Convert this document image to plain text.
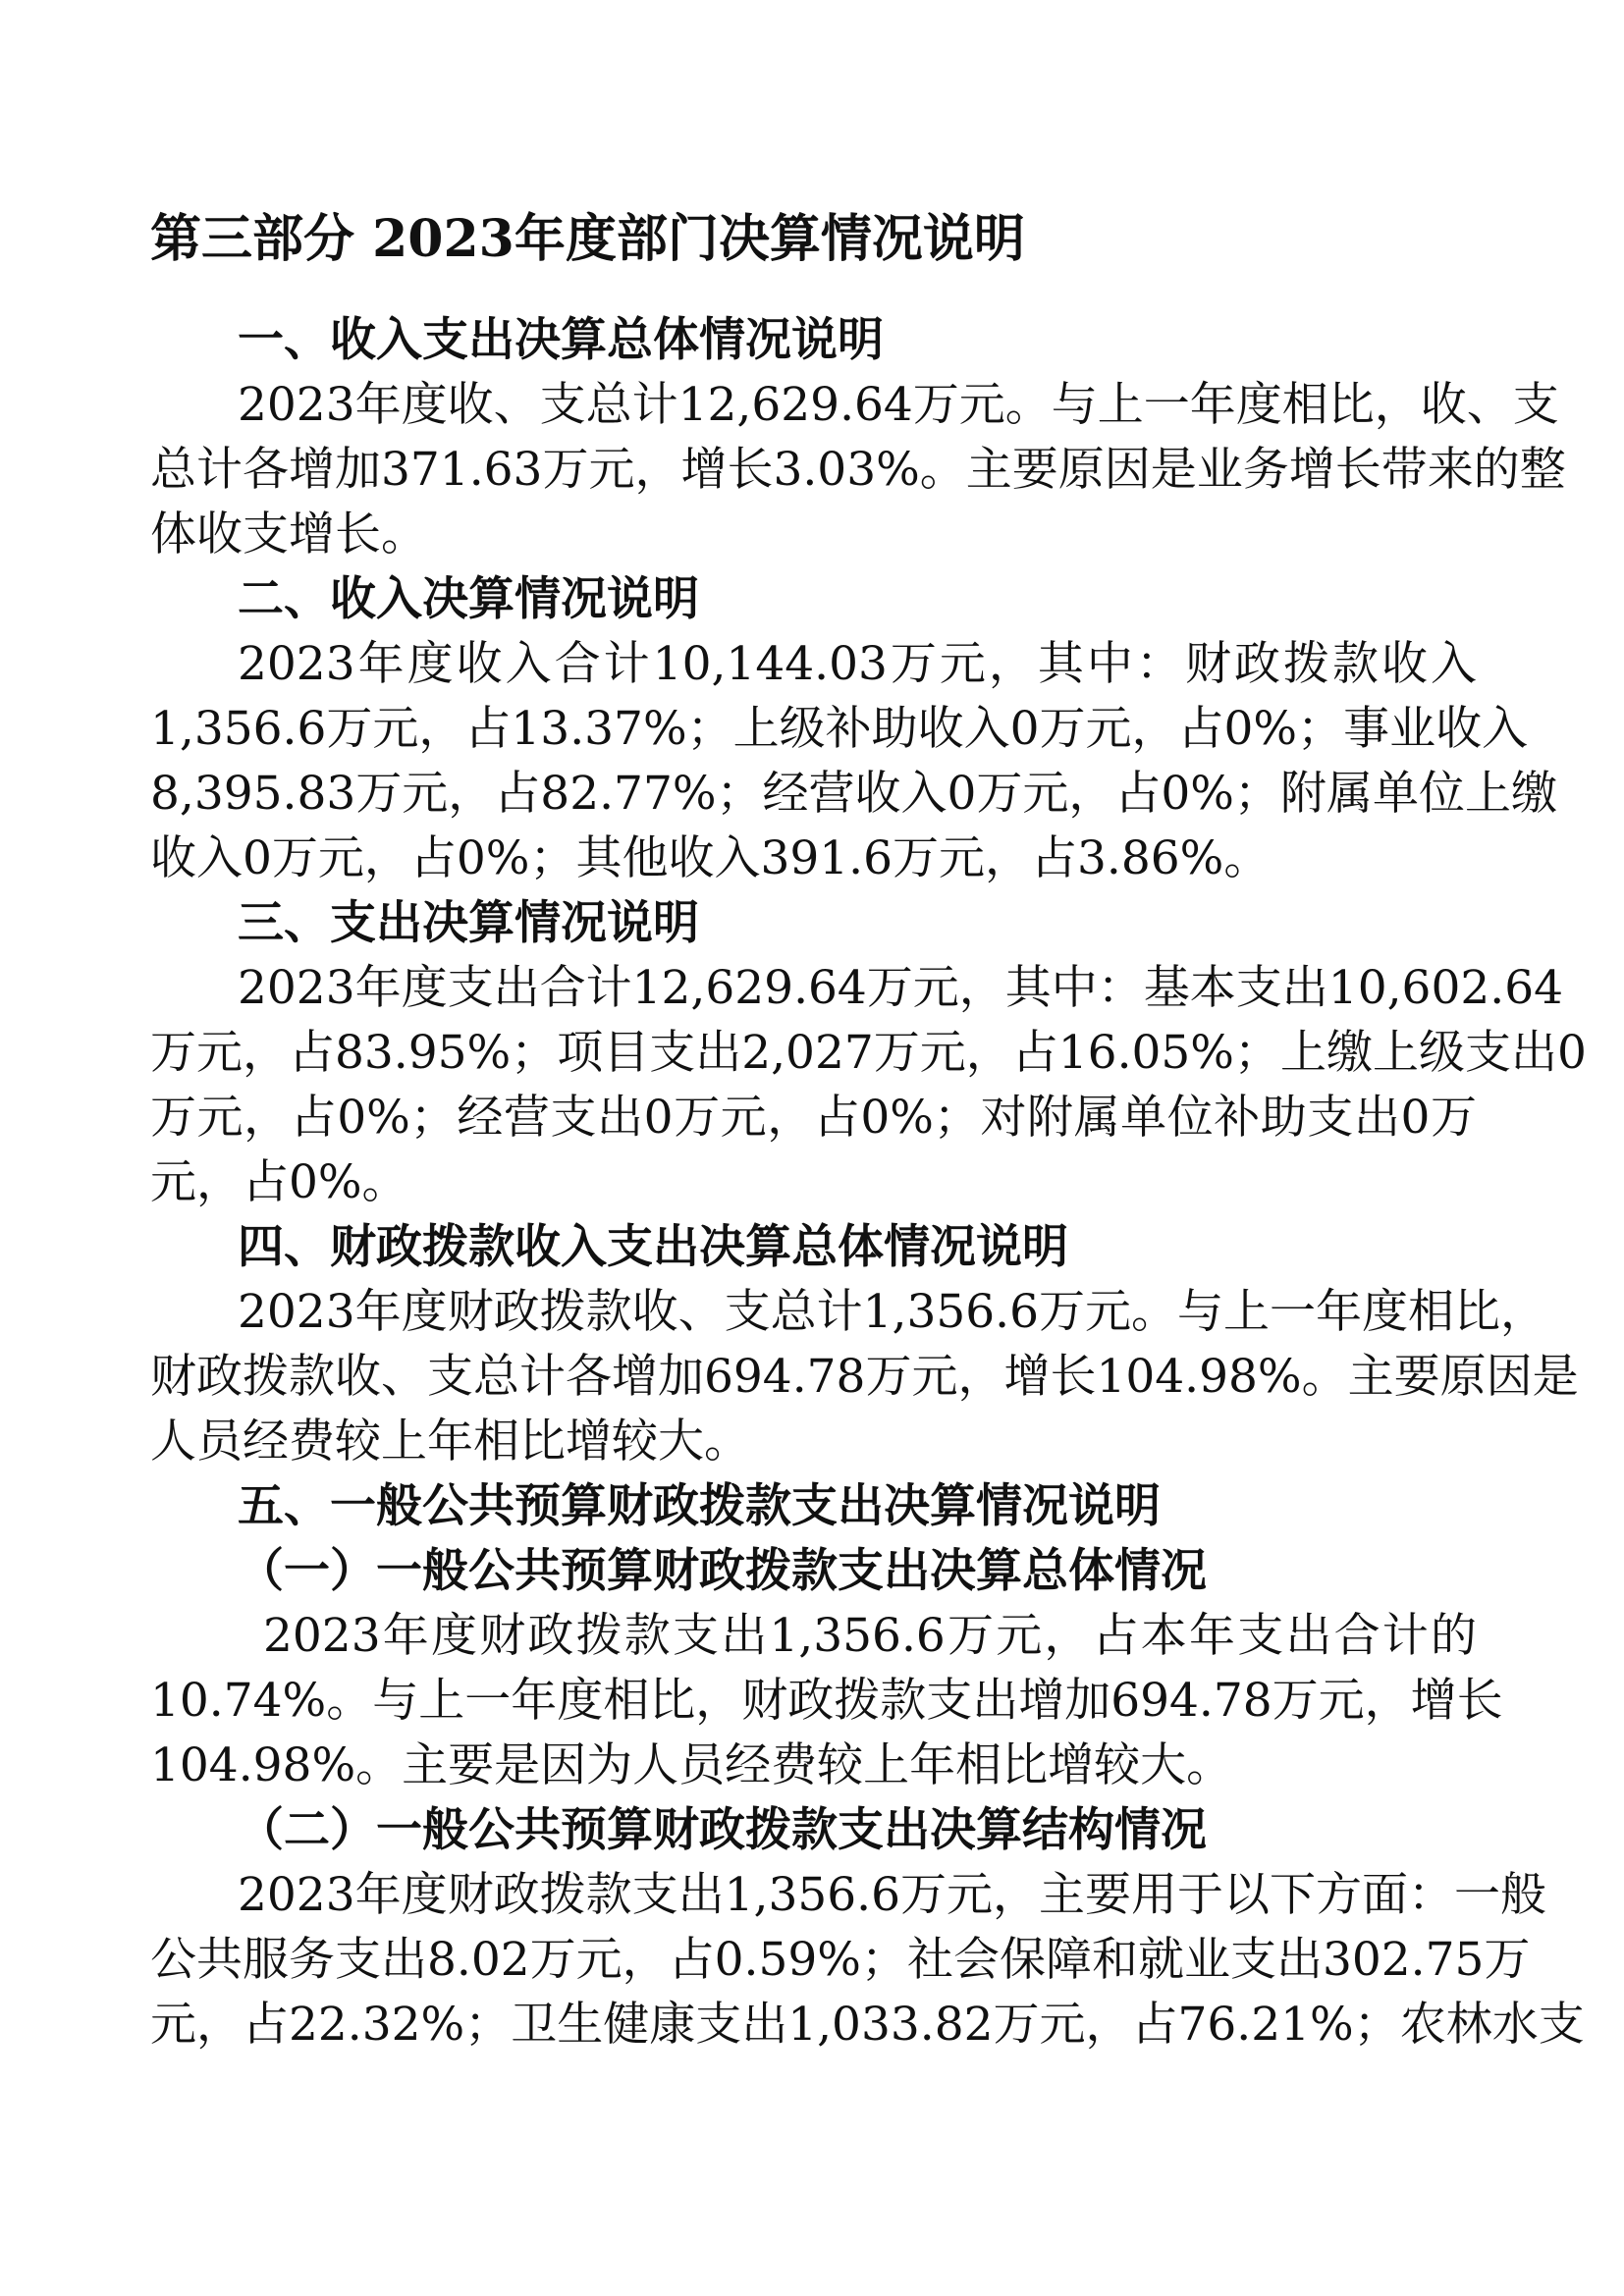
第三部分 2023年度部门决算情况说明
一、收入支出决算总体情况说明
2023年度收、支总计12,629.64万元。与上一年度相比，收、支
总计各增加371.63万元，增长3.03%。主要原因是业务增长带来的整
体收支增长。
二、收入决算情况说明
2023年度收入合计10,144.03万元，其中：财政拨款收入
1,356.6万元，占13.37%；上级补助收入0万元，占0%；事业收入
8,395.83万元，占82.77%；经营收入0万元，占0%；附属单位上缴
收入0万元，占0%；其他收入391.6万元，占3.86%。
三、支出决算情况说明
2023年度支出合计12,629.64万元，其中：基本支出10,602.64
万元，占83.95%；项目支出2,027万元，占16.05%；上缴上级支出0
万元，占0%；经营支出0万元，占0%；对附属单位补助支出0万
元，占0%。
四、财政拨款收入支出决算总体情况说明
2023年度财政拨款收、支总计1,356.6万元。与上一年度相比，
财政拨款收、支总计各增加694.78万元，增长104.98%。主要原因是
人员经费较上年相比增较大。
五、一般公共预算财政拨款支出决算情况说明
（一）一般公共预算财政拨款支出决算总体情况
2023年度财政拨款支出1,356.6万元，占本年支出合计的
10.74%。与上一年度相比，财政拨款支出增加694.78万元，增长
104.98%。主要是因为人员经费较上年相比增较大。
（二）一般公共预算财政拨款支出决算结构情况
2023年度财政拨款支出1,356.6万元，主要用于以下方面：一般
公共服务支出8.02万元，占0.59%；社会保障和就业支出302.75万
元，占22.32%；卫生健康支出1,033.82万元，占76.21%；农林水支
